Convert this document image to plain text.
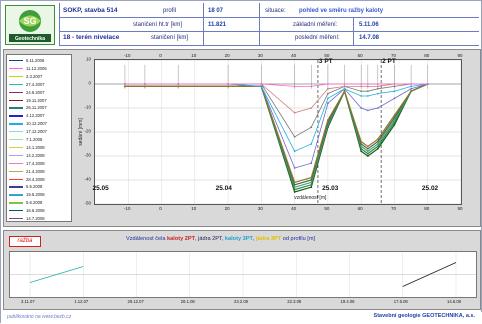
SG
Geotechnika
SOKP, stavba 514	profil	18 07	situace: pohled ve směru ražby kaloty
staničení ht.tr [km]	11.821	základní měření:	5.11.06
18 - terén nivelace	staničení [km]	poslední měření:	14.7.08
5.11.2006
11.12.2006
2.3.2007
27.4.2007
24.9.2007
19.11.2007
26.11.2007
4.12.2007
10.12.2007
17.12.2007
7.1.2008
14.1.2008
14.2.2008
17.4.2008
21.4.2008
28.4.2008
5.5.2008
19.5.2008
5.6.2008
16.6.2008
14.7.2008
-10	0	10	20	30	40	50	60	70	80	90
-10	0	10	20	30	40	50	60	70	80	90
10
0
-10
-20
-30
-40
-50
sedání [mm]
vzdálenost [m]
3 PT	2 PT
25.05	25.04	25.03	25.02
ražba	Vzdálenost čela kaloty 2PT, jádra 2PT, kaloty 3PT, jádra 3PT od profilu [m]
3.11.07	1.12.07	29.12.07	26.1.08	23.2.08	22.3.08	19.4.08	17.5.08	14.6.08
publikováno na www.bezb.cz	Stavební geologie GEOTECHNIKA, a.s.
